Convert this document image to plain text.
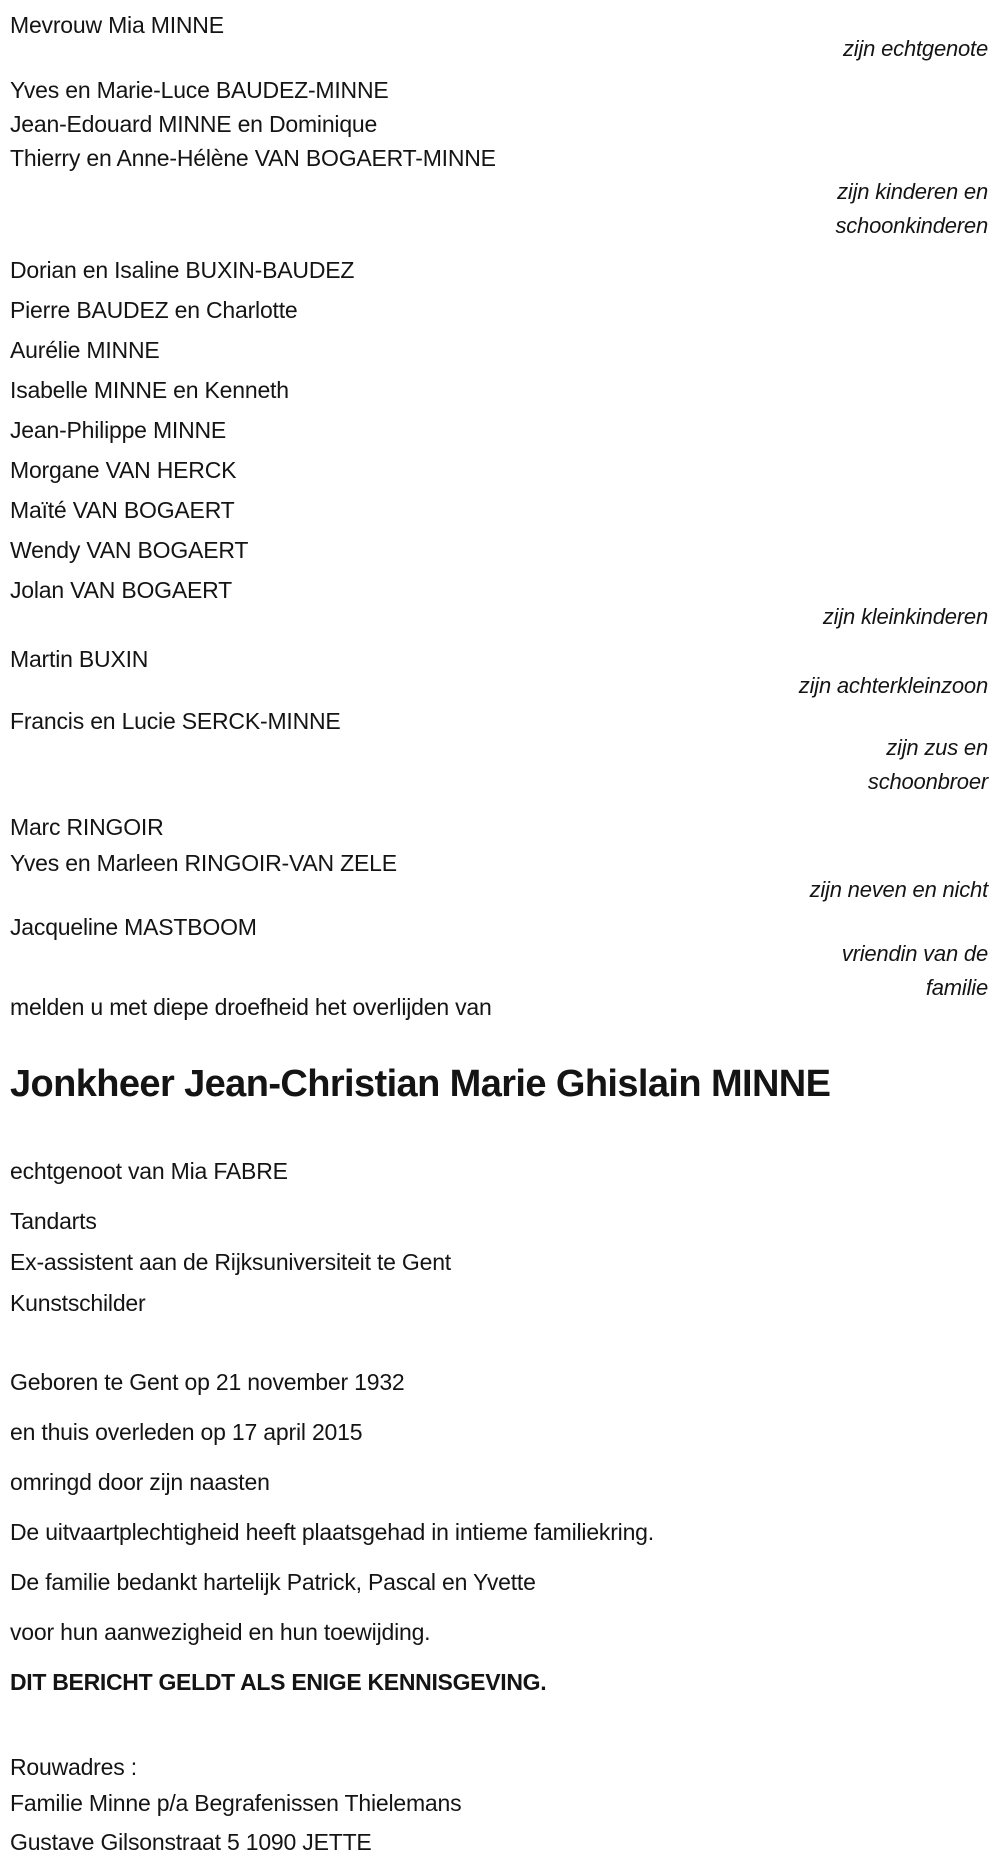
Mevrouw Mia MINNE
zijn echtgenote
Yves en Marie-Luce BAUDEZ-MINNE
Jean-Edouard MINNE en Dominique
Thierry en Anne-Hélène VAN BOGAERT-MINNE
zijn kinderen en
schoonkinderen
Dorian en Isaline BUXIN-BAUDEZ
Pierre BAUDEZ en Charlotte
Aurélie MINNE
Isabelle MINNE en Kenneth
Jean-Philippe MINNE
Morgane VAN HERCK
Maïté VAN BOGAERT
Wendy VAN BOGAERT
Jolan VAN BOGAERT
zijn kleinkinderen
Martin BUXIN
zijn achterkleinzoon
Francis en Lucie SERCK-MINNE
zijn zus en
schoonbroer
Marc RINGOIR
Yves en Marleen RINGOIR-VAN ZELE
zijn neven en nicht
Jacqueline MASTBOOM
vriendin van de
familie
melden u met diepe droefheid het overlijden van
Jonkheer Jean-Christian Marie Ghislain MINNE
echtgenoot van Mia FABRE
Tandarts
Ex-assistent aan de Rijksuniversiteit te Gent
Kunstschilder
Geboren te Gent op 21 november 1932
en thuis overleden op 17 april 2015
omringd door zijn naasten
De uitvaartplechtigheid heeft plaatsgehad in intieme familiekring.
De familie bedankt hartelijk Patrick, Pascal en Yvette
voor hun aanwezigheid en hun toewijding.
DIT BERICHT GELDT ALS ENIGE KENNISGEVING.
Rouwadres :
Familie Minne p/a Begrafenissen Thielemans
Gustave Gilsonstraat 5 1090 JETTE
